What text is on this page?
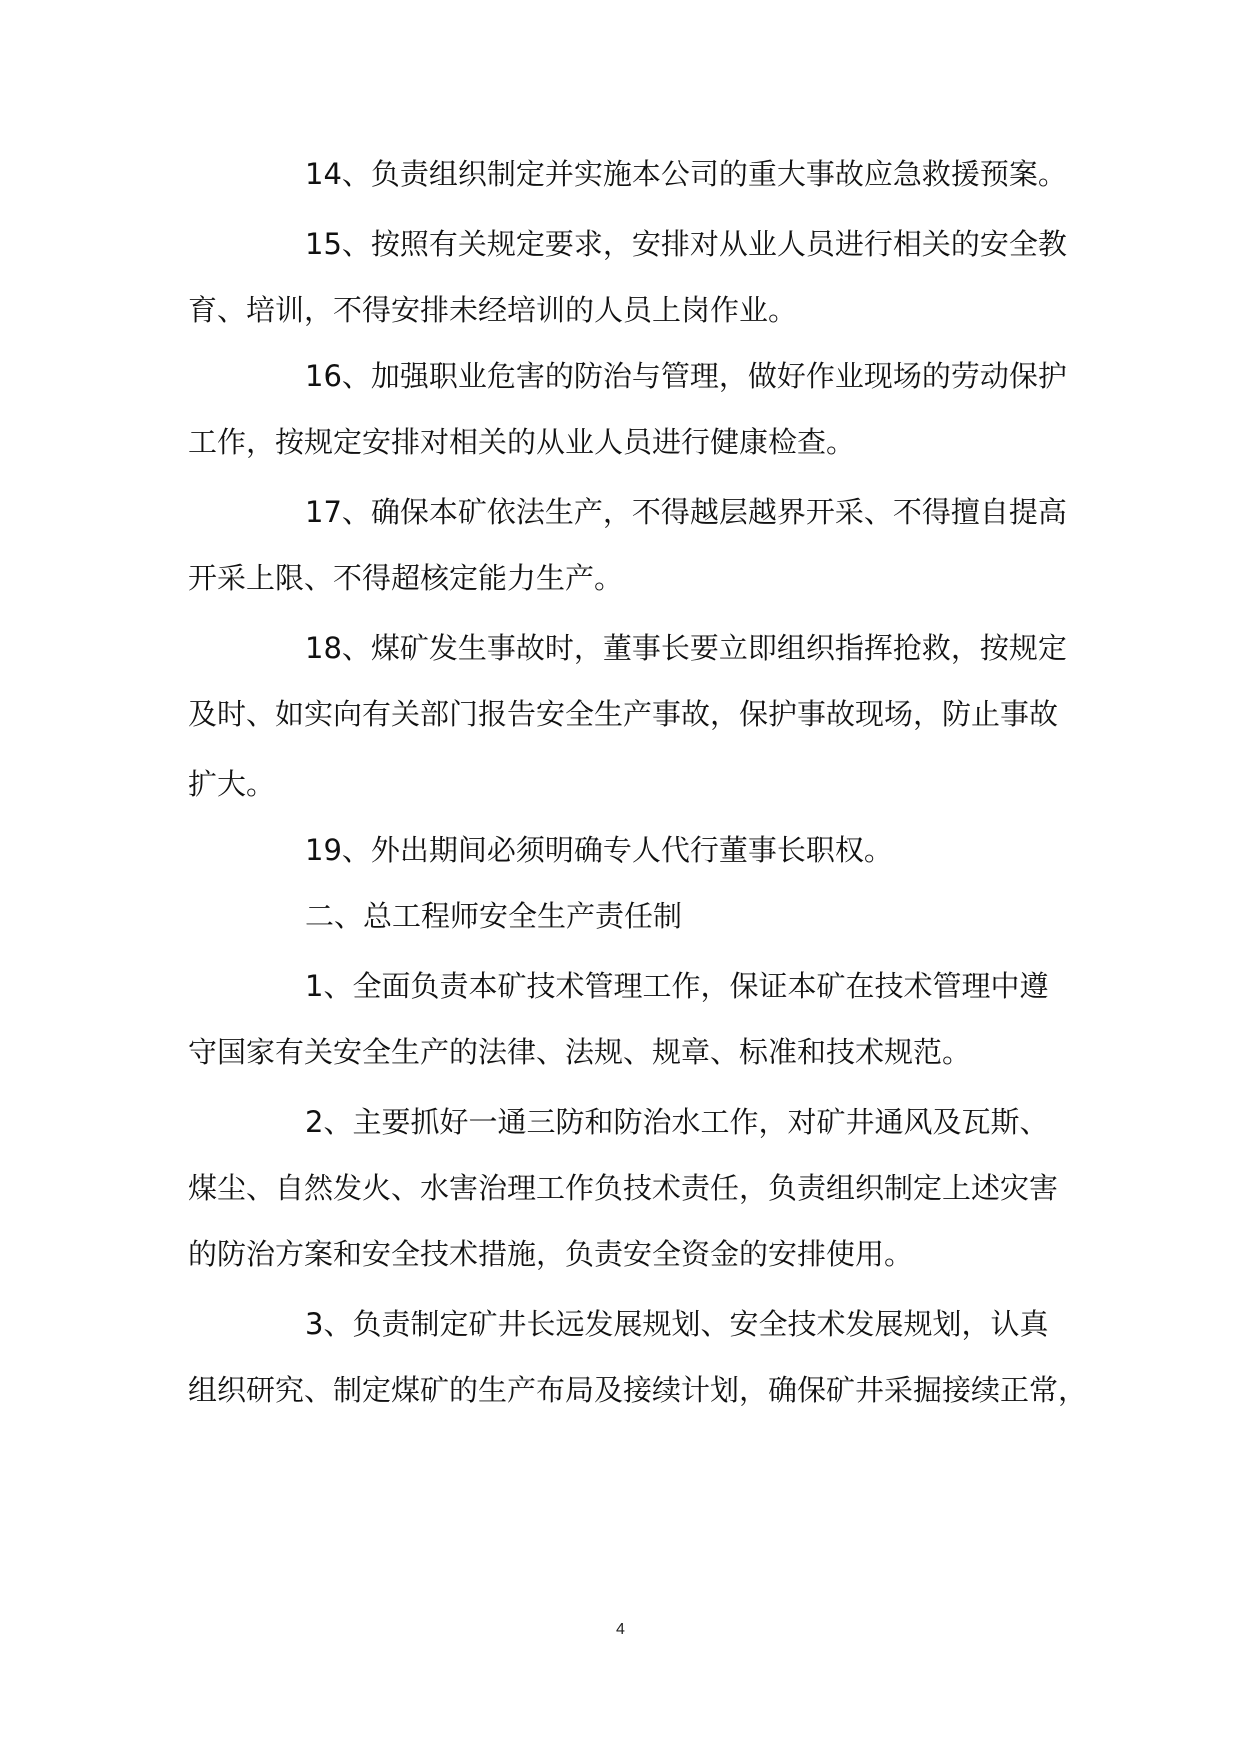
14、负责组织制定并实施本公司的重大事故应急救援预案。
15、按照有关规定要求，安排对从业人员进行相关的安全教
育、培训，不得安排未经培训的人员上岗作业。
16、加强职业危害的防治与管理，做好作业现场的劳动保护
工作，按规定安排对相关的从业人员进行健康检查。
17、确保本矿依法生产，不得越层越界开采、不得擅自提高
开采上限、不得超核定能力生产。
18、煤矿发生事故时，董事长要立即组织指挥抢救，按规定
及时、如实向有关部门报告安全生产事故，保护事故现场，防止事故
扩大。
19、外出期间必须明确专人代行董事长职权。
二、总工程师安全生产责任制
1、全面负责本矿技术管理工作，保证本矿在技术管理中遵
守国家有关安全生产的法律、法规、规章、标准和技术规范。
2、主要抓好一通三防和防治水工作，对矿井通风及瓦斯、
煤尘、自然发火、水害治理工作负技术责任，负责组织制定上述灾害
的防治方案和安全技术措施，负责安全资金的安排使用。
3、负责制定矿井长远发展规划、安全技术发展规划，认真
组织研究、制定煤矿的生产布局及接续计划，确保矿井采掘接续正常，
4
